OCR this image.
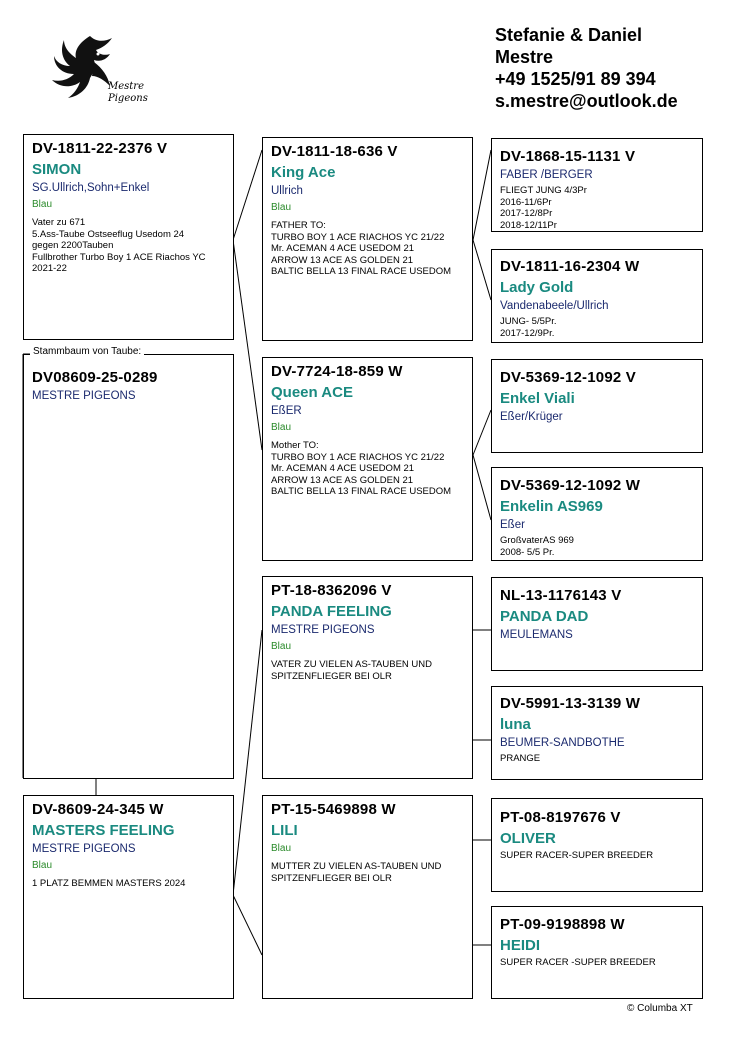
Mestre
Pigeons
Stefanie & Daniel
Mestre
+49 1525/91 89 394
s.mestre@outlook.de
DV-1811-22-2376 V
SIMON
SG.Ullrich,Sohn+Enkel
Blau
Vater zu 671
5.Ass-Taube Ostseeflug Usedom 24
gegen 2200Tauben
Fullbrother Turbo Boy 1 ACE Riachos YC
2021-22
DV08609-25-0289
MESTRE PIGEONS
Stammbaum von Taube:
DV-8609-24-345 W
MASTERS FEELING
MESTRE PIGEONS
Blau
1 PLATZ BEMMEN MASTERS 2024
DV-1811-18-636 V
King Ace
Ullrich
Blau
FATHER TO:
TURBO BOY 1 ACE RIACHOS YC 21/22
Mr. ACEMAN 4 ACE USEDOM 21
ARROW 13 ACE AS GOLDEN 21
BALTIC BELLA 13 FINAL RACE USEDOM
DV-7724-18-859 W
Queen ACE
EßER
Blau
Mother TO:
TURBO BOY 1 ACE RIACHOS YC 21/22
Mr. ACEMAN 4 ACE USEDOM 21
ARROW 13 ACE AS GOLDEN 21
BALTIC BELLA 13 FINAL RACE USEDOM
PT-18-8362096 V
PANDA FEELING
MESTRE PIGEONS
Blau
VATER ZU VIELEN AS-TAUBEN UND
SPITZENFLIEGER BEI OLR
PT-15-5469898 W
LILI
Blau
MUTTER ZU VIELEN AS-TAUBEN UND
SPITZENFLIEGER BEI OLR
DV-1868-15-1131 V
FABER /BERGER
FLIEGT JUNG 4/3Pr
2016-11/6Pr
2017-12/8Pr
2018-12/11Pr
DV-1811-16-2304 W
Lady Gold
Vandenabeele/Ullrich
JUNG- 5/5Pr.
2017-12/9Pr.
DV-5369-12-1092 V
Enkel Viali
Eßer/Krüger
DV-5369-12-1092 W
Enkelin AS969
Eßer
GroßvaterAS 969
2008- 5/5 Pr.
NL-13-1176143 V
PANDA DAD
MEULEMANS
DV-5991-13-3139 W
luna
BEUMER-SANDBOTHE
PRANGE
PT-08-8197676 V
OLIVER
SUPER RACER-SUPER BREEDER
PT-09-9198898 W
HEIDI
SUPER RACER -SUPER BREEDER
© Columba XT
